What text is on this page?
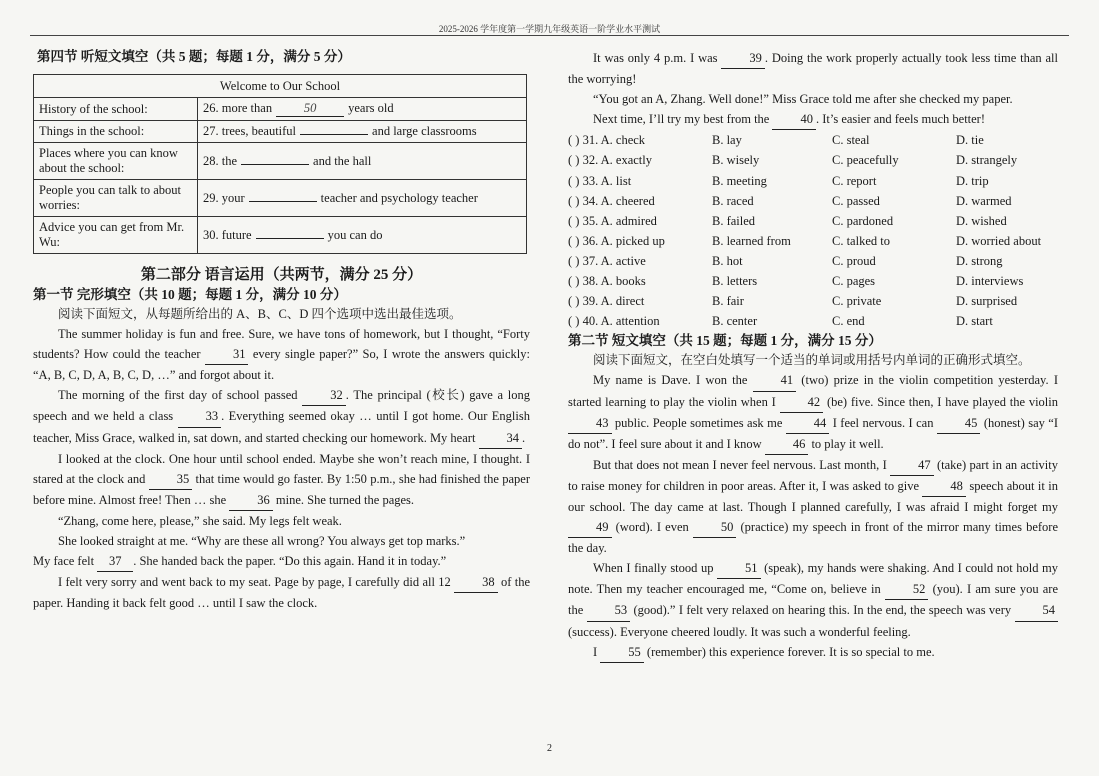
2025-2026 学年度第一学期九年级英语一阶学业水平测试
第四节 听短文填空（共 5 题；每题 1 分，满分 5 分）
Welcome to Our School	
History of the school:	26. more than 50 years old
Things in the school:	27. trees, beautiful and large classrooms
Places where you can know about the school:	28. the and the hall
People you can talk to about worries:	29. your teacher and psychology teacher
Advice you can get from Mr. Wu:	30. future you can do
第二部分 语言运用（共两节，满分 25 分）
第一节 完形填空（共 10 题；每题 1 分，满分 10 分）

阅读下面短文，从每题所给出的 A、B、C、D 四个选项中选出最佳选项。

The summer holiday is fun and free. Sure, we have tons of homework, but I thought, “Forty students? How could the teacher 31 every single paper?” So, I wrote the answers quickly: “A, B, C, D, A, B, C, D, …” and forgot about it.

The morning of the first day of school passed 32 . The principal (校长) gave a long speech and we held a class 33 . Everything seemed okay … until I got home. Our English teacher, Miss Grace, walked in, sat down, and started checking our homework. My heart 34 .

I looked at the clock. One hour until school ended. Maybe she won’t reach mine, I thought. I stared at the clock and 35 that time would go faster. By 1:50 p.m., she had finished the paper before mine. Almost free! Then … she 36 mine. She turned the pages.

“Zhang, come here, please,” she said. My legs felt weak.

She looked straight at me. “Why are these all wrong? You always get top marks.”

My face felt 37 . She handed back the paper. “Do this again. Hand it in today.”

I felt very sorry and went back to my seat. Page by page, I carefully did all 12 38 of the paper. Handing it back felt good … until I saw the clock.

It was only 4 p.m. I was 39 . Doing the work properly actually took less time than all the worrying!

“You got an A, Zhang. Well done!” Miss Grace told me after she checked my paper.

Next time, I’ll try my best from the 40 . It’s easier and feels much better!

( ) 31. A. check	B. lay	C. steal	D. tie
( ) 32. A. exactly	B. wisely	C. peacefully	D. strangely
( ) 33. A. list	B. meeting	C. report	D. trip
( ) 34. A. cheered	B. raced	C. passed	D. warmed
( ) 35. A. admired	B. failed	C. pardoned	D. wished
( ) 36. A. picked up	B. learned from	C. talked to	D. worried about
( ) 37. A. active	B. hot	C. proud	D. strong
( ) 38. A. books	B. letters	C. pages	D. interviews
( ) 39. A. direct	B. fair	C. private	D. surprised
( ) 40. A. attention	B. center	C. end	D. start
第二节 短文填空（共 15 题；每题 1 分，满分 15 分）

阅读下面短文，在空白处填写一个适当的单词或用括号内单词的正确形式填空。

My name is Dave. I won the 41 (two) prize in the violin competition yesterday. I started learning to play the violin when I 42 (be) five. Since then, I have played the violin 43 public. People sometimes ask me 44 I feel nervous. I can 45 (honest) say “I do not”. I feel sure about it and I know 46 to play it well.

But that does not mean I never feel nervous. Last month, I 47 (take) part in an activity to raise money for children in poor areas. After it, I was asked to give 48 speech about it in our school. The day came at last. Though I planned carefully, I was afraid I might forget my 49 (word). I even 50 (practice) my speech in front of the mirror many times before the day.

When I finally stood up 51 (speak), my hands were shaking. And I could not hold my note. Then my teacher encouraged me, “Come on, believe in 52 (you). I am sure you are the 53 (good).” I felt very relaxed on hearing this. In the end, the speech was very 54 (success). Everyone cheered loudly. It was such a wonderful feeling.

I 55 (remember) this experience forever. It is so special to me.

2
